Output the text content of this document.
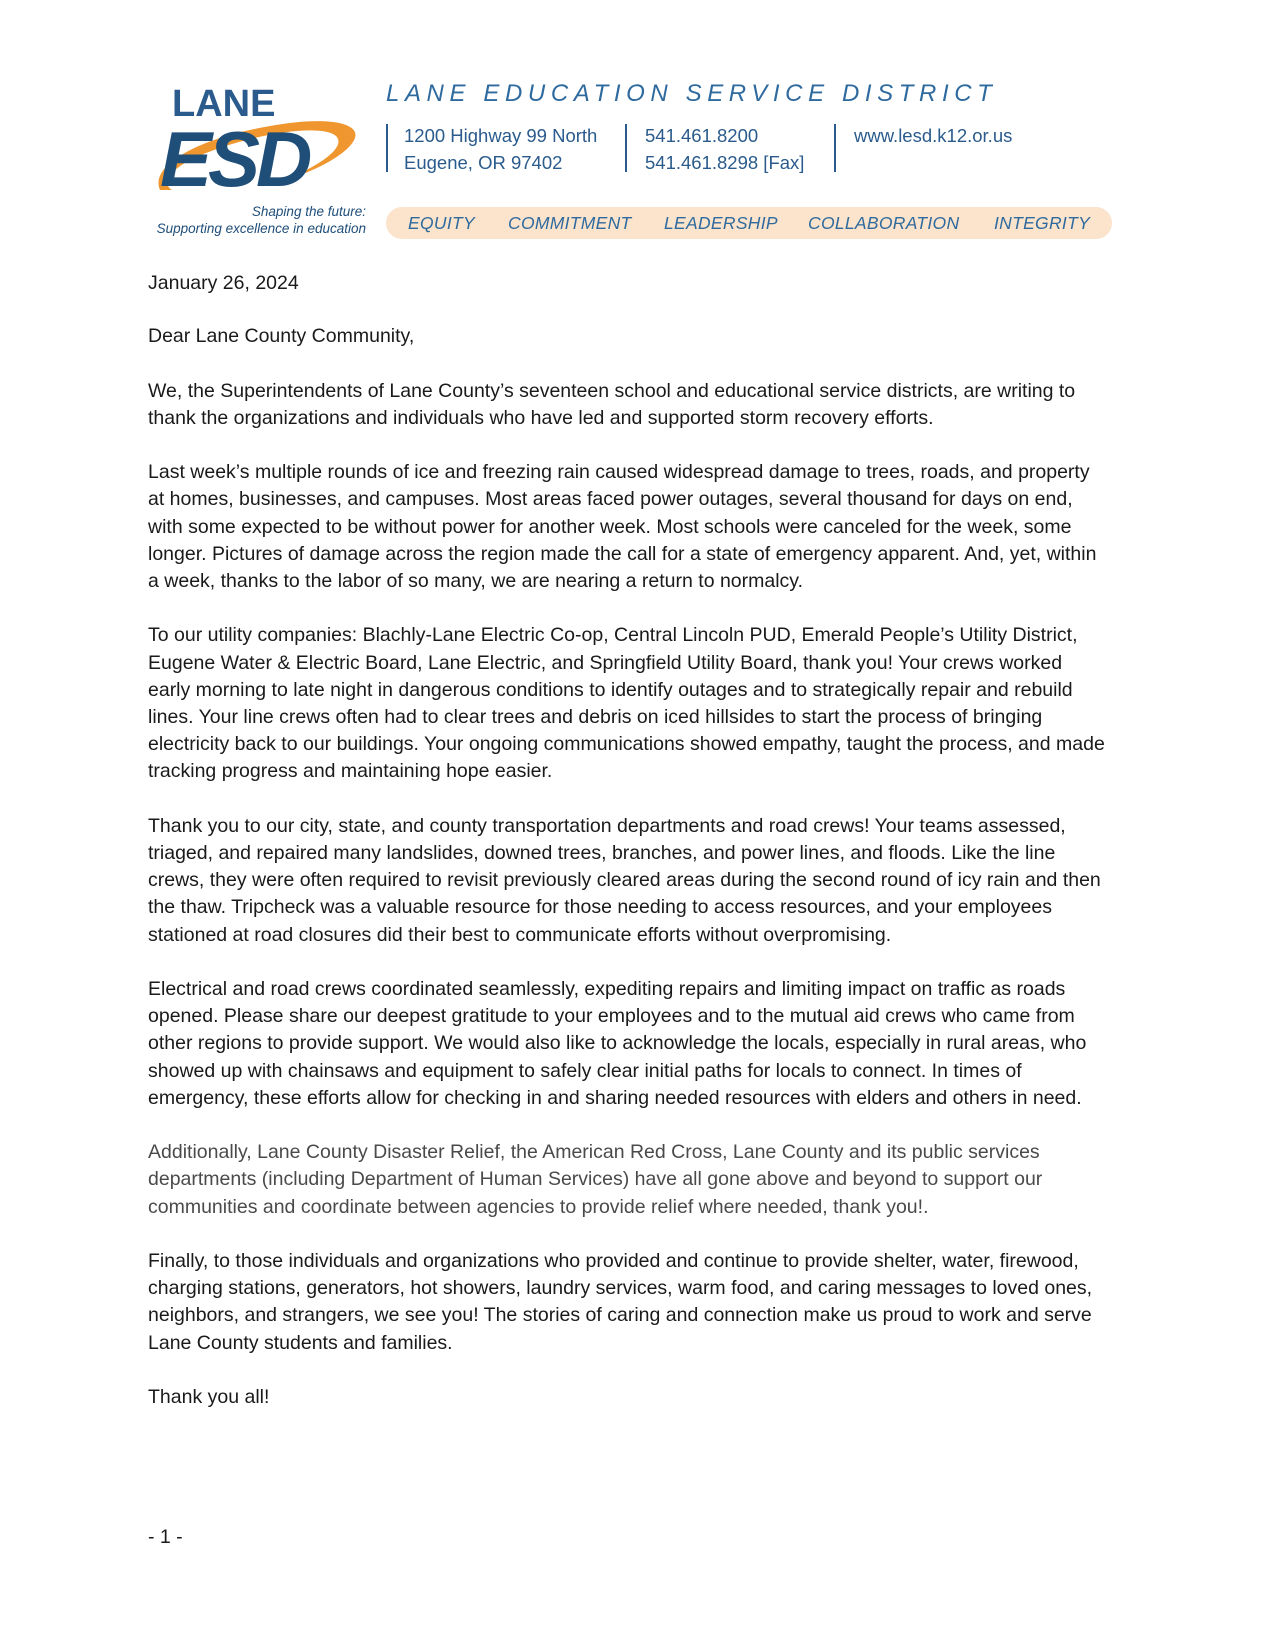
LANE
ESD
Shaping the future:
Supporting excellence in education
LANE EDUCATION SERVICE DISTRICT
1200 Highway 99 North
Eugene, OR 97402
541.461.8200
541.461.8298 [Fax]
www.lesd.k12.or.us
EQUITY COMMITMENT LEADERSHIP COLLABORATION INTEGRITY

January 26, 2024

Dear Lane County Community,

We, the Superintendents of Lane County’s seventeen school and educational service districts, are writing to thank the organizations and individuals who have led and supported storm recovery efforts.

Last week’s multiple rounds of ice and freezing rain caused widespread damage to trees, roads, and property at homes, businesses, and campuses. Most areas faced power outages, several thousand for days on end, with some expected to be without power for another week. Most schools were canceled for the week, some longer. Pictures of damage across the region made the call for a state of emergency apparent. And, yet, within a week, thanks to the labor of so many, we are nearing a return to normalcy.

To our utility companies: Blachly-Lane Electric Co-op, Central Lincoln PUD, Emerald People’s Utility District, Eugene Water & Electric Board, Lane Electric, and Springfield Utility Board, thank you! Your crews worked early morning to late night in dangerous conditions to identify outages and to strategically repair and rebuild lines. Your line crews often had to clear trees and debris on iced hillsides to start the process of bringing electricity back to our buildings. Your ongoing communications showed empathy, taught the process, and made tracking progress and maintaining hope easier.

Thank you to our city, state, and county transportation departments and road crews! Your teams assessed, triaged, and repaired many landslides, downed trees, branches, and power lines, and floods. Like the line crews, they were often required to revisit previously cleared areas during the second round of icy rain and then the thaw. Tripcheck was a valuable resource for those needing to access resources, and your employees stationed at road closures did their best to communicate efforts without overpromising.

Electrical and road crews coordinated seamlessly, expediting repairs and limiting impact on traffic as roads opened. Please share our deepest gratitude to your employees and to the mutual aid crews who came from other regions to provide support. We would also like to acknowledge the locals, especially in rural areas, who showed up with chainsaws and equipment to safely clear initial paths for locals to connect. In times of emergency, these efforts allow for checking in and sharing needed resources with elders and others in need.

Additionally, Lane County Disaster Relief, the American Red Cross, Lane County and its public services departments (including Department of Human Services) have all gone above and beyond to support our communities and coordinate between agencies to provide relief where needed, thank you!.

Finally, to those individuals and organizations who provided and continue to provide shelter, water, firewood, charging stations, generators, hot showers, laundry services, warm food, and caring messages to loved ones, neighbors, and strangers, we see you! The stories of caring and connection make us proud to work and serve Lane County students and families.

Thank you all!

- 1 -
